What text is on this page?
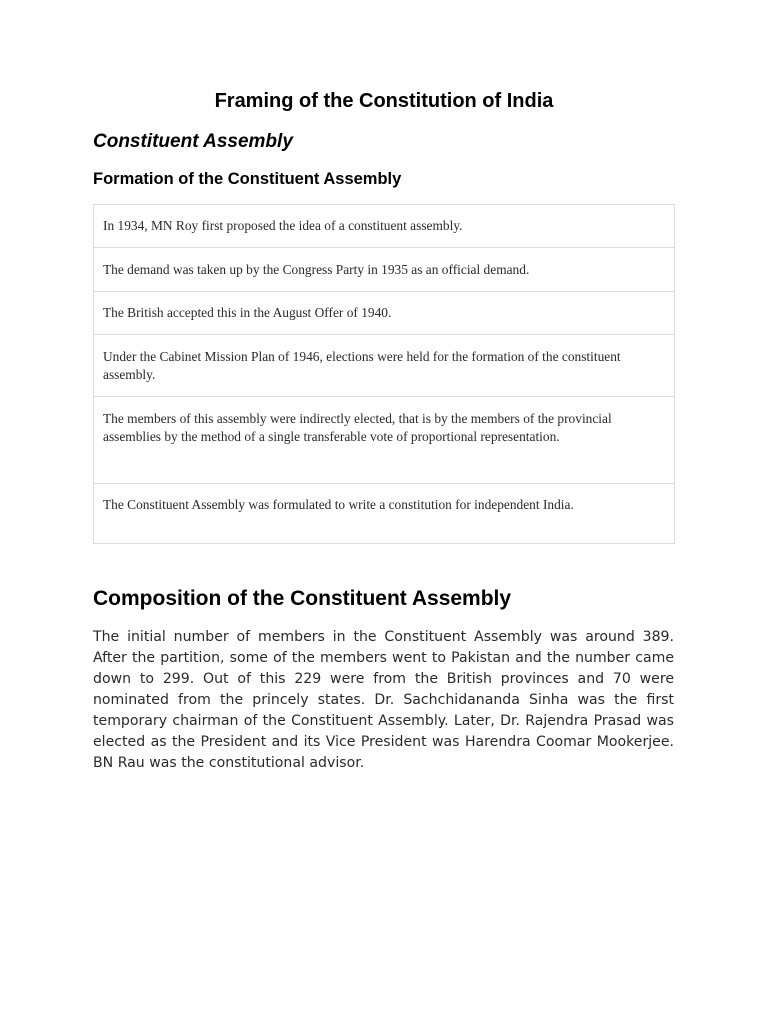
Framing of the Constitution of India
Constituent Assembly
Formation of the Constituent Assembly
In 1934, MN Roy first proposed the idea of a constituent assembly.
The demand was taken up by the Congress Party in 1935 as an official demand.
The British accepted this in the August Offer of 1940.
Under the Cabinet Mission Plan of 1946, elections were held for the formation of the constituent assembly.
The members of this assembly were indirectly elected, that is by the members of the provincial assemblies by the method of a single transferable vote of proportional representation.
The Constituent Assembly was formulated to write a constitution for independent India.
Composition of the Constituent Assembly

The initial number of members in the Constituent Assembly was around 389. After the partition, some of the members went to Pakistan and the number came down to 299. Out of this 229 were from the British provinces and 70 were nominated from the princely states. Dr. Sachchidananda Sinha was the first temporary chairman of the Constituent Assembly. Later, Dr. Rajendra Prasad was elected as the President and its Vice President was Harendra Coomar Mookerjee. BN Rau was the constitutional advisor.
